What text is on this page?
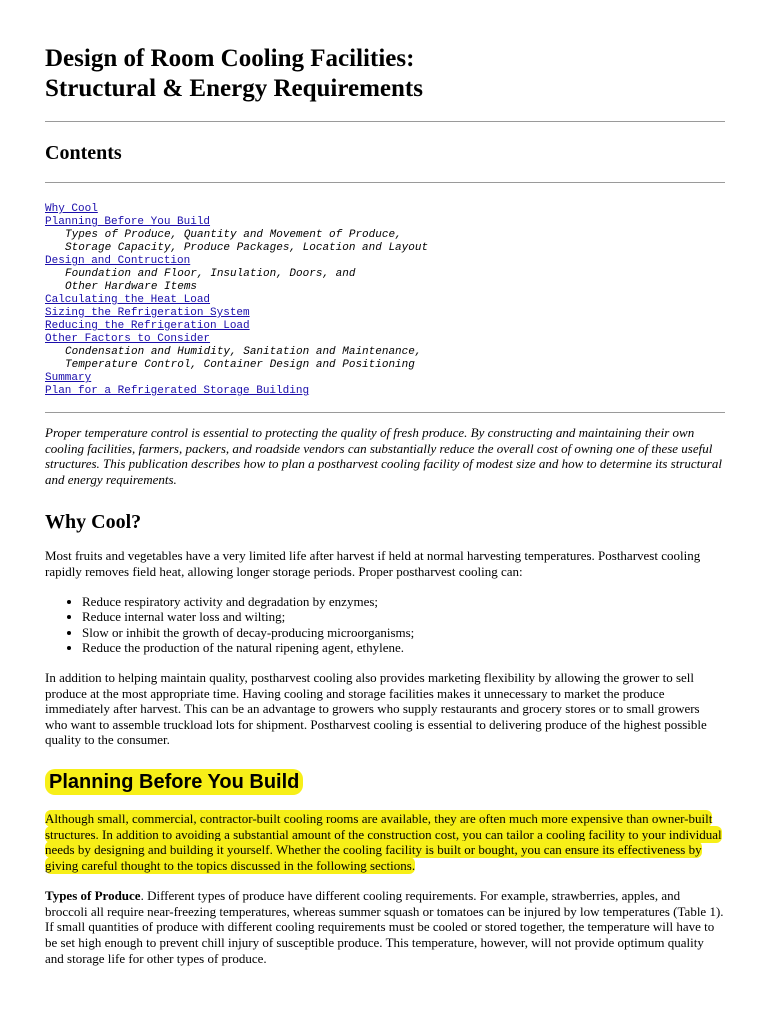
Design of Room Cooling Facilities:
Structural & Energy Requirements
Contents
Why Cool
Planning Before You Build
Types of Produce, Quantity and Movement of Produce,
Storage Capacity, Produce Packages, Location and Layout
Design and Contruction
Foundation and Floor, Insulation, Doors, and
Other Hardware Items
Calculating the Heat Load
Sizing the Refrigeration System
Reducing the Refrigeration Load
Other Factors to Consider
Condensation and Humidity, Sanitation and Maintenance,
Temperature Control, Container Design and Positioning
Summary
Plan for a Refrigerated Storage Building

Proper temperature control is essential to protecting the quality of fresh produce. By constructing and maintaining their own cooling facilities, farmers, packers, and roadside vendors can substantially reduce the overall cost of owning one of these useful structures. This publication describes how to plan a postharvest cooling facility of modest size and how to determine its structural and energy requirements.

Why Cool?

Most fruits and vegetables have a very limited life after harvest if held at normal harvesting temperatures. Postharvest cooling rapidly removes field heat, allowing longer storage periods. Proper postharvest cooling can:

• Reduce respiratory activity and degradation by enzymes;
• Reduce internal water loss and wilting;
• Slow or inhibit the growth of decay-producing microorganisms;
• Reduce the production of the natural ripening agent, ethylene.

In addition to helping maintain quality, postharvest cooling also provides marketing flexibility by allowing the grower to sell produce at the most appropriate time. Having cooling and storage facilities makes it unnecessary to market the produce immediately after harvest. This can be an advantage to growers who supply restaurants and grocery stores or to small growers who want to assemble truckload lots for shipment. Postharvest cooling is essential to delivering produce of the highest possible quality to the consumer.

Planning Before You Build

Although small, commercial, contractor-built cooling rooms are available, they are often much more expensive than owner-built structures. In addition to avoiding a substantial amount of the construction cost, you can tailor a cooling facility to your individual needs by designing and building it yourself. Whether the cooling facility is built or bought, you can ensure its effectiveness by giving careful thought to the topics discussed in the following sections.

Types of Produce. Different types of produce have different cooling requirements. For example, strawberries, apples, and broccoli all require near-freezing temperatures, whereas summer squash or tomatoes can be injured by low temperatures (Table 1). If small quantities of produce with different cooling requirements must be cooled or stored together, the temperature will have to be set high enough to prevent chill injury of susceptible produce. This temperature, however, will not provide optimum quality and storage life for other types of produce.
